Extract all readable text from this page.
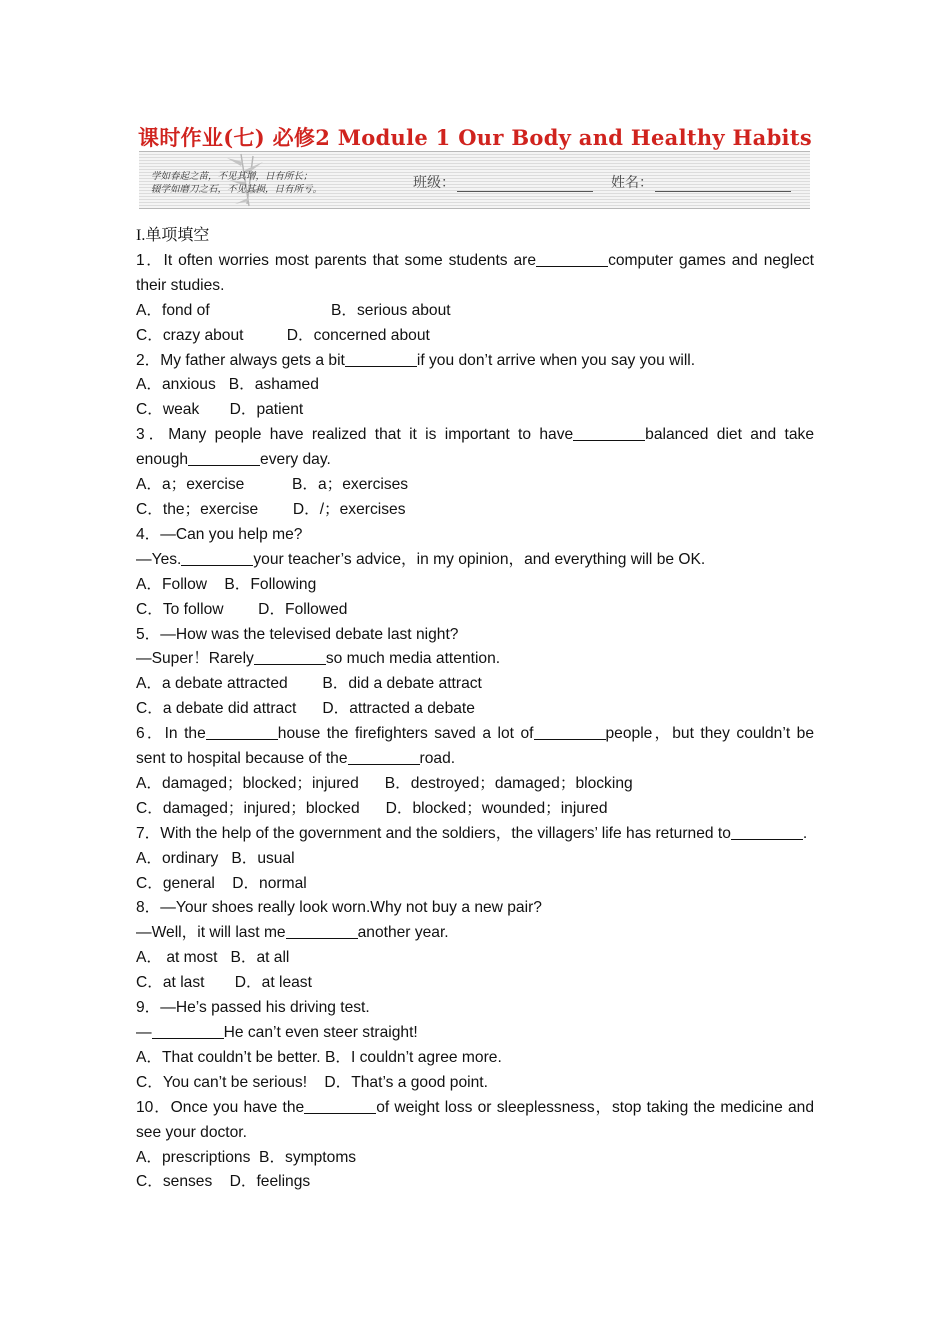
课时作业(七) 必修2 Module 1 Our Body and Healthy Habits
学如春起之苗，不见其增，日有所长；
辍学如磨刀之石，不见其损，日有所亏。	班级：	姓名：

I.单项填空

1．It often worries most parents that some students are	computer games and neglect their studies.

A．fond of                            B．serious about

C．crazy about          D．concerned about

2．My father always gets a bit	if you don’t arrive when you say you will.

A．anxious   B．ashamed

C．weak       D．patient

3．Many people have realized that it is important to have	balanced diet and take enough	every day.

A．a；exercise           B．a；exercises

C．the；exercise        D．/；exercises

4．—Can you help me?

—Yes.	your teacher’s advice，in my opinion，and everything will be OK.

A．Follow    B．Following

C．To follow        D．Followed

5．—How was the televised debate last night?

—Super！Rarely	so much media attention.

A．a debate attracted        B．did a debate attract

C．a debate did attract      D．attracted a debate

6．In the	house the firefighters saved a lot of	people，but they couldn’t be sent to hospital because of the	road.

A．damaged；blocked；injured      B．destroyed；damaged；blocking

C．damaged；injured；blocked      D．blocked；wounded；injured

7．With the help of the government and the soldiers，the villagers’ life has returned to	.

A．ordinary   B．usual

C．general    D．normal

8．—Your shoes really look worn.Why not buy a new pair?

—Well，it will last me	another year.

A． at most   B．at all

C．at last       D．at least

9．—He’s passed his driving test.

—	He can’t even steer straight!

A．That couldn’t be better. B．I couldn’t agree more.

C．You can’t be serious!    D．That’s a good point.

10．Once you have the	of weight loss or sleeplessness，stop taking the medicine and see your doctor.

A．prescriptions  B．symptoms

C．senses    D．feelings
